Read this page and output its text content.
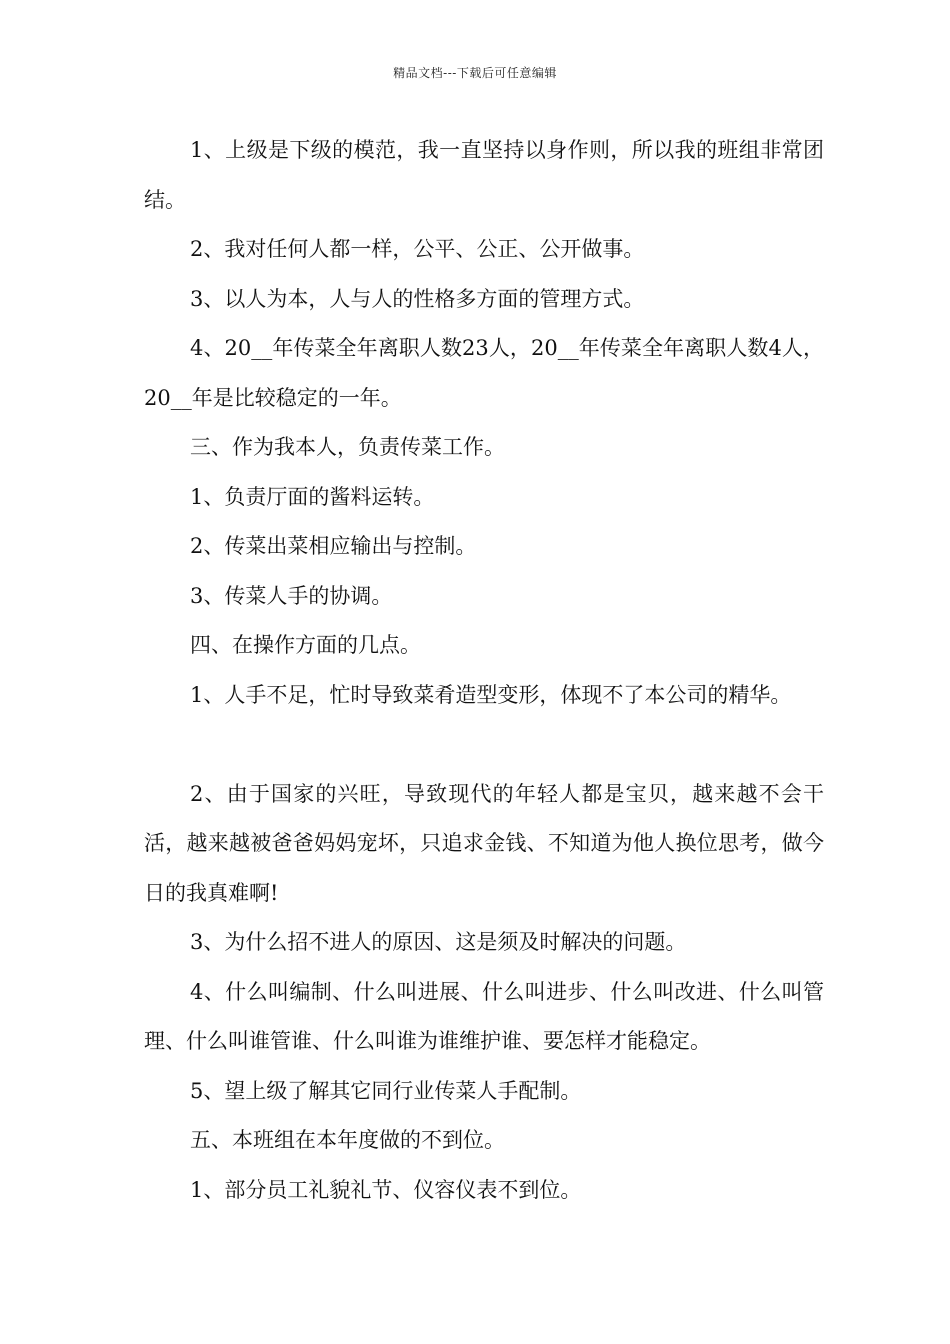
精品文档---下载后可任意编辑

1、上级是下级的模范，我一直坚持以身作则，所以我的班组非常团结。

2、我对任何人都一样，公平、公正、公开做事。

3、以人为本，人与人的性格多方面的管理方式。

4、20__年传菜全年离职人数23人，20__年传菜全年离职人数4人，20__年是比较稳定的一年。

三、作为我本人，负责传菜工作。

1、负责厅面的酱料运转。

2、传菜出菜相应输出与控制。

3、传菜人手的协调。

四、在操作方面的几点。

1、人手不足，忙时导致菜肴造型变形，体现不了本公司的精华。

2、由于国家的兴旺，导致现代的年轻人都是宝贝，越来越不会干活，越来越被爸爸妈妈宠坏，只追求金钱、不知道为他人换位思考，做今日的我真难啊!

3、为什么招不进人的原因、这是须及时解决的问题。

4、什么叫编制、什么叫进展、什么叫进步、什么叫改进、什么叫管理、什么叫谁管谁、什么叫谁为谁维护谁、要怎样才能稳定。

5、望上级了解其它同行业传菜人手配制。

五、本班组在本年度做的不到位。

1、部分员工礼貌礼节、仪容仪表不到位。
